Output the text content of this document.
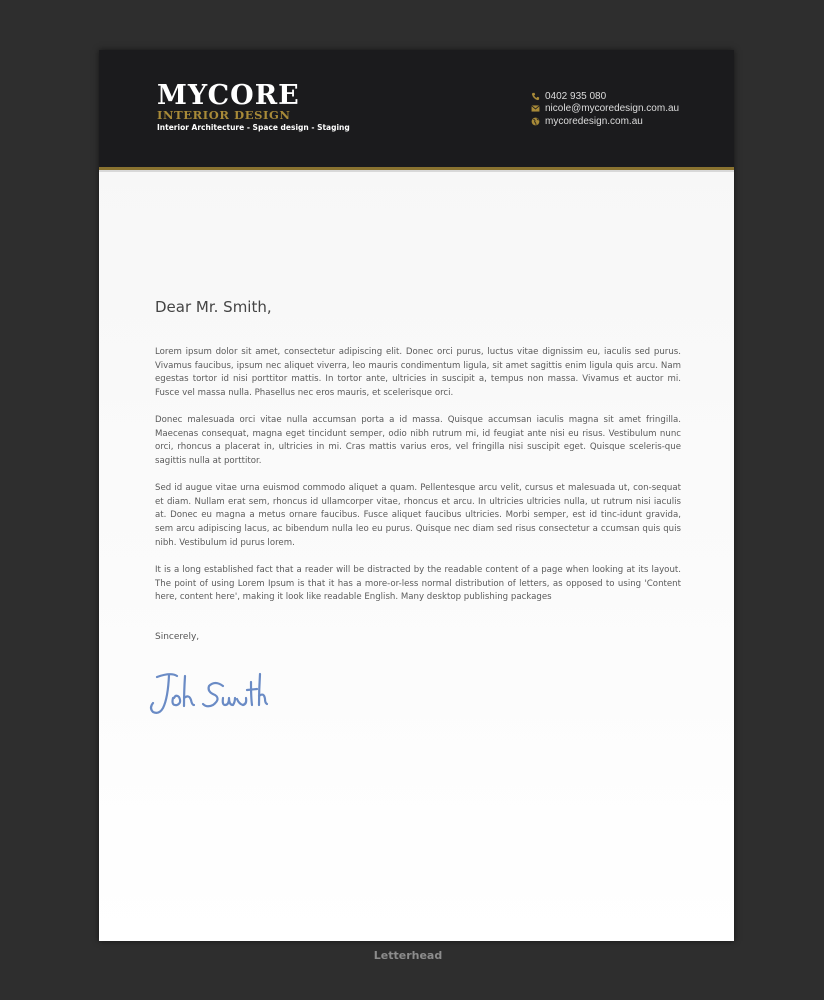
MYCORE
INTERIOR DESIGN
Interior Architecture - Space design - Staging
0402 935 080
nicole@mycoredesign.com.au
mycoredesign.com.au
Dear Mr. Smith,

Lorem ipsum dolor sit amet, consectetur adipiscing elit. Donec orci purus, luctus vitae dignissim eu, iaculis sed purus. Vivamus faucibus, ipsum nec aliquet viverra, leo mauris condimentum ligula, sit amet sagittis enim ligula quis arcu. Nam egestas tortor id nisi porttitor mattis. In tortor ante, ultricies in suscipit a, tempus non massa. Vivamus et auctor mi. Fusce vel massa nulla. Phasellus nec eros mauris, et scelerisque orci.

Donec malesuada orci vitae nulla accumsan porta a id massa. Quisque accumsan iaculis magna sit amet fringilla. Maecenas consequat, magna eget tincidunt semper, odio nibh rutrum mi, id feugiat ante nisi eu risus. Vestibulum nunc orci, rhoncus a placerat in, ultricies in mi. Cras mattis varius eros, vel fringilla nisi suscipit eget. Quisque sceleris-que sagittis nulla at porttitor.

Sed id augue vitae urna euismod commodo aliquet a quam. Pellentesque arcu velit, cursus et malesuada ut, con-sequat et diam. Nullam erat sem, rhoncus id ullamcorper vitae, rhoncus et arcu. In ultricies ultricies nulla, ut rutrum nisi iaculis at. Donec eu magna a metus ornare faucibus. Fusce aliquet faucibus ultricies. Morbi semper, est id tinc-idunt gravida, sem arcu adipiscing lacus, ac bibendum nulla leo eu purus. Quisque nec diam sed risus consectetur a ccumsan quis quis nibh. Vestibulum id purus lorem.

It is a long established fact that a reader will be distracted by the readable content of a page when looking at its layout. The point of using Lorem Ipsum is that it has a more-or-less normal distribution of letters, as opposed to using 'Content here, content here', making it look like readable English. Many desktop publishing packages

Sincerely,
Letterhead
